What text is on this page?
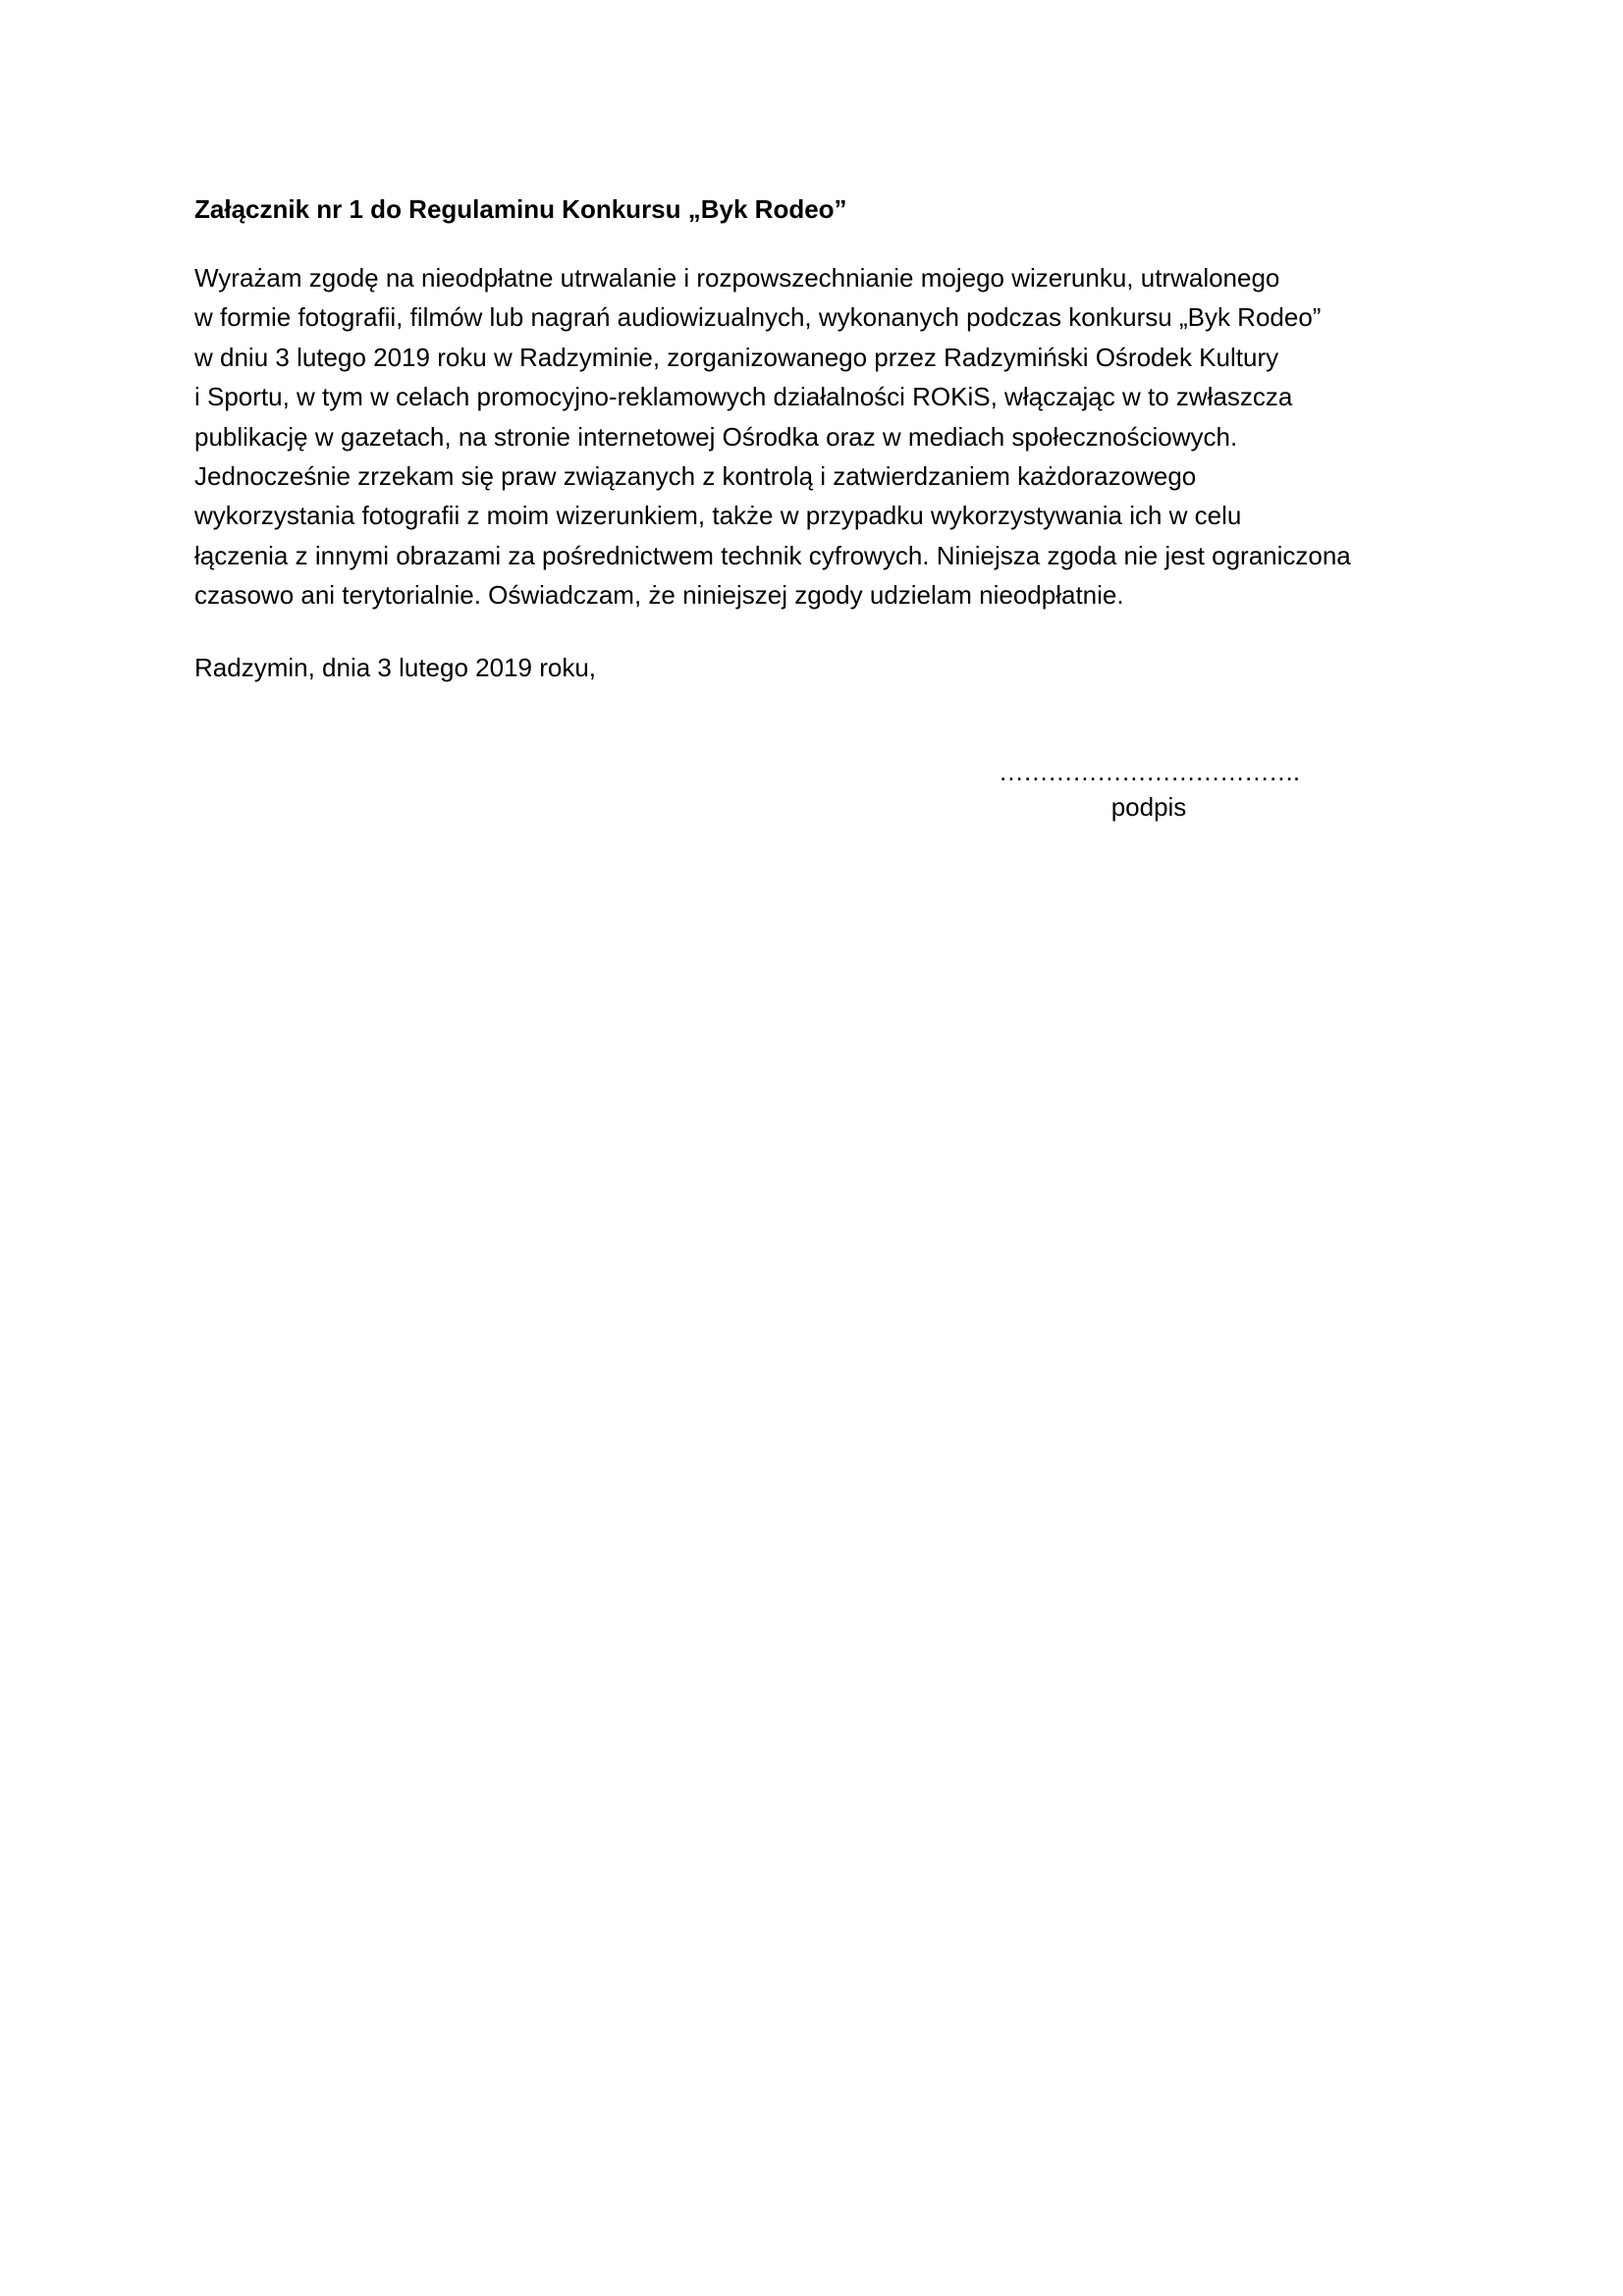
Załącznik nr 1 do Regulaminu Konkursu „Byk Rodeo”

Wyrażam zgodę na nieodpłatne utrwalanie i rozpowszechnianie mojego wizerunku, utrwalonego
w formie fotografii, filmów lub nagrań audiowizualnych, wykonanych podczas konkursu „Byk Rodeo”
w dniu 3 lutego 2019 roku w Radzyminie, zorganizowanego przez Radzymiński Ośrodek Kultury
i Sportu, w tym w celach promocyjno-reklamowych działalności ROKiS, włączając w to zwłaszcza
publikację w gazetach, na stronie internetowej Ośrodka oraz w mediach społecznościowych.
Jednocześnie zrzekam się praw związanych z kontrolą i zatwierdzaniem każdorazowego
wykorzystania fotografii z moim wizerunkiem, także w przypadku wykorzystywania ich w celu
łączenia z innymi obrazami za pośrednictwem technik cyfrowych. Niniejsza zgoda nie jest ograniczona
czasowo ani terytorialnie. Oświadczam, że niniejszej zgody udzielam nieodpłatnie.

Radzymin, dnia 3 lutego 2019 roku,

……………………………….
podpis
